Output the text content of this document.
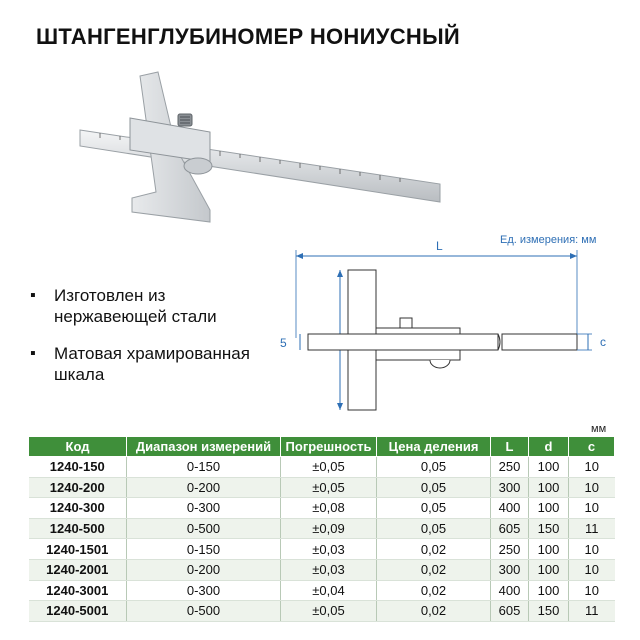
ШТАНГЕНГЛУБИНОМЕР НОНИУСНЫЙ
▪ Изготовлен из нержавеющей стали
▪ Матовая храмированная шкала
Ед. измерения: мм
L
5	c
мм
Код	Диапазон измерений	Погрешность	Цена деления	L	d	c
1240-150	0-150	±0,05	0,05	250	100	10
1240-200	0-200	±0,05	0,05	300	100	10
1240-300	0-300	±0,08	0,05	400	100	10
1240-500	0-500	±0,09	0,05	605	150	11
1240-1501	0-150	±0,03	0,02	250	100	10
1240-2001	0-200	±0,03	0,02	300	100	10
1240-3001	0-300	±0,04	0,02	400	100	10
1240-5001	0-500	±0,05	0,02	605	150	11
